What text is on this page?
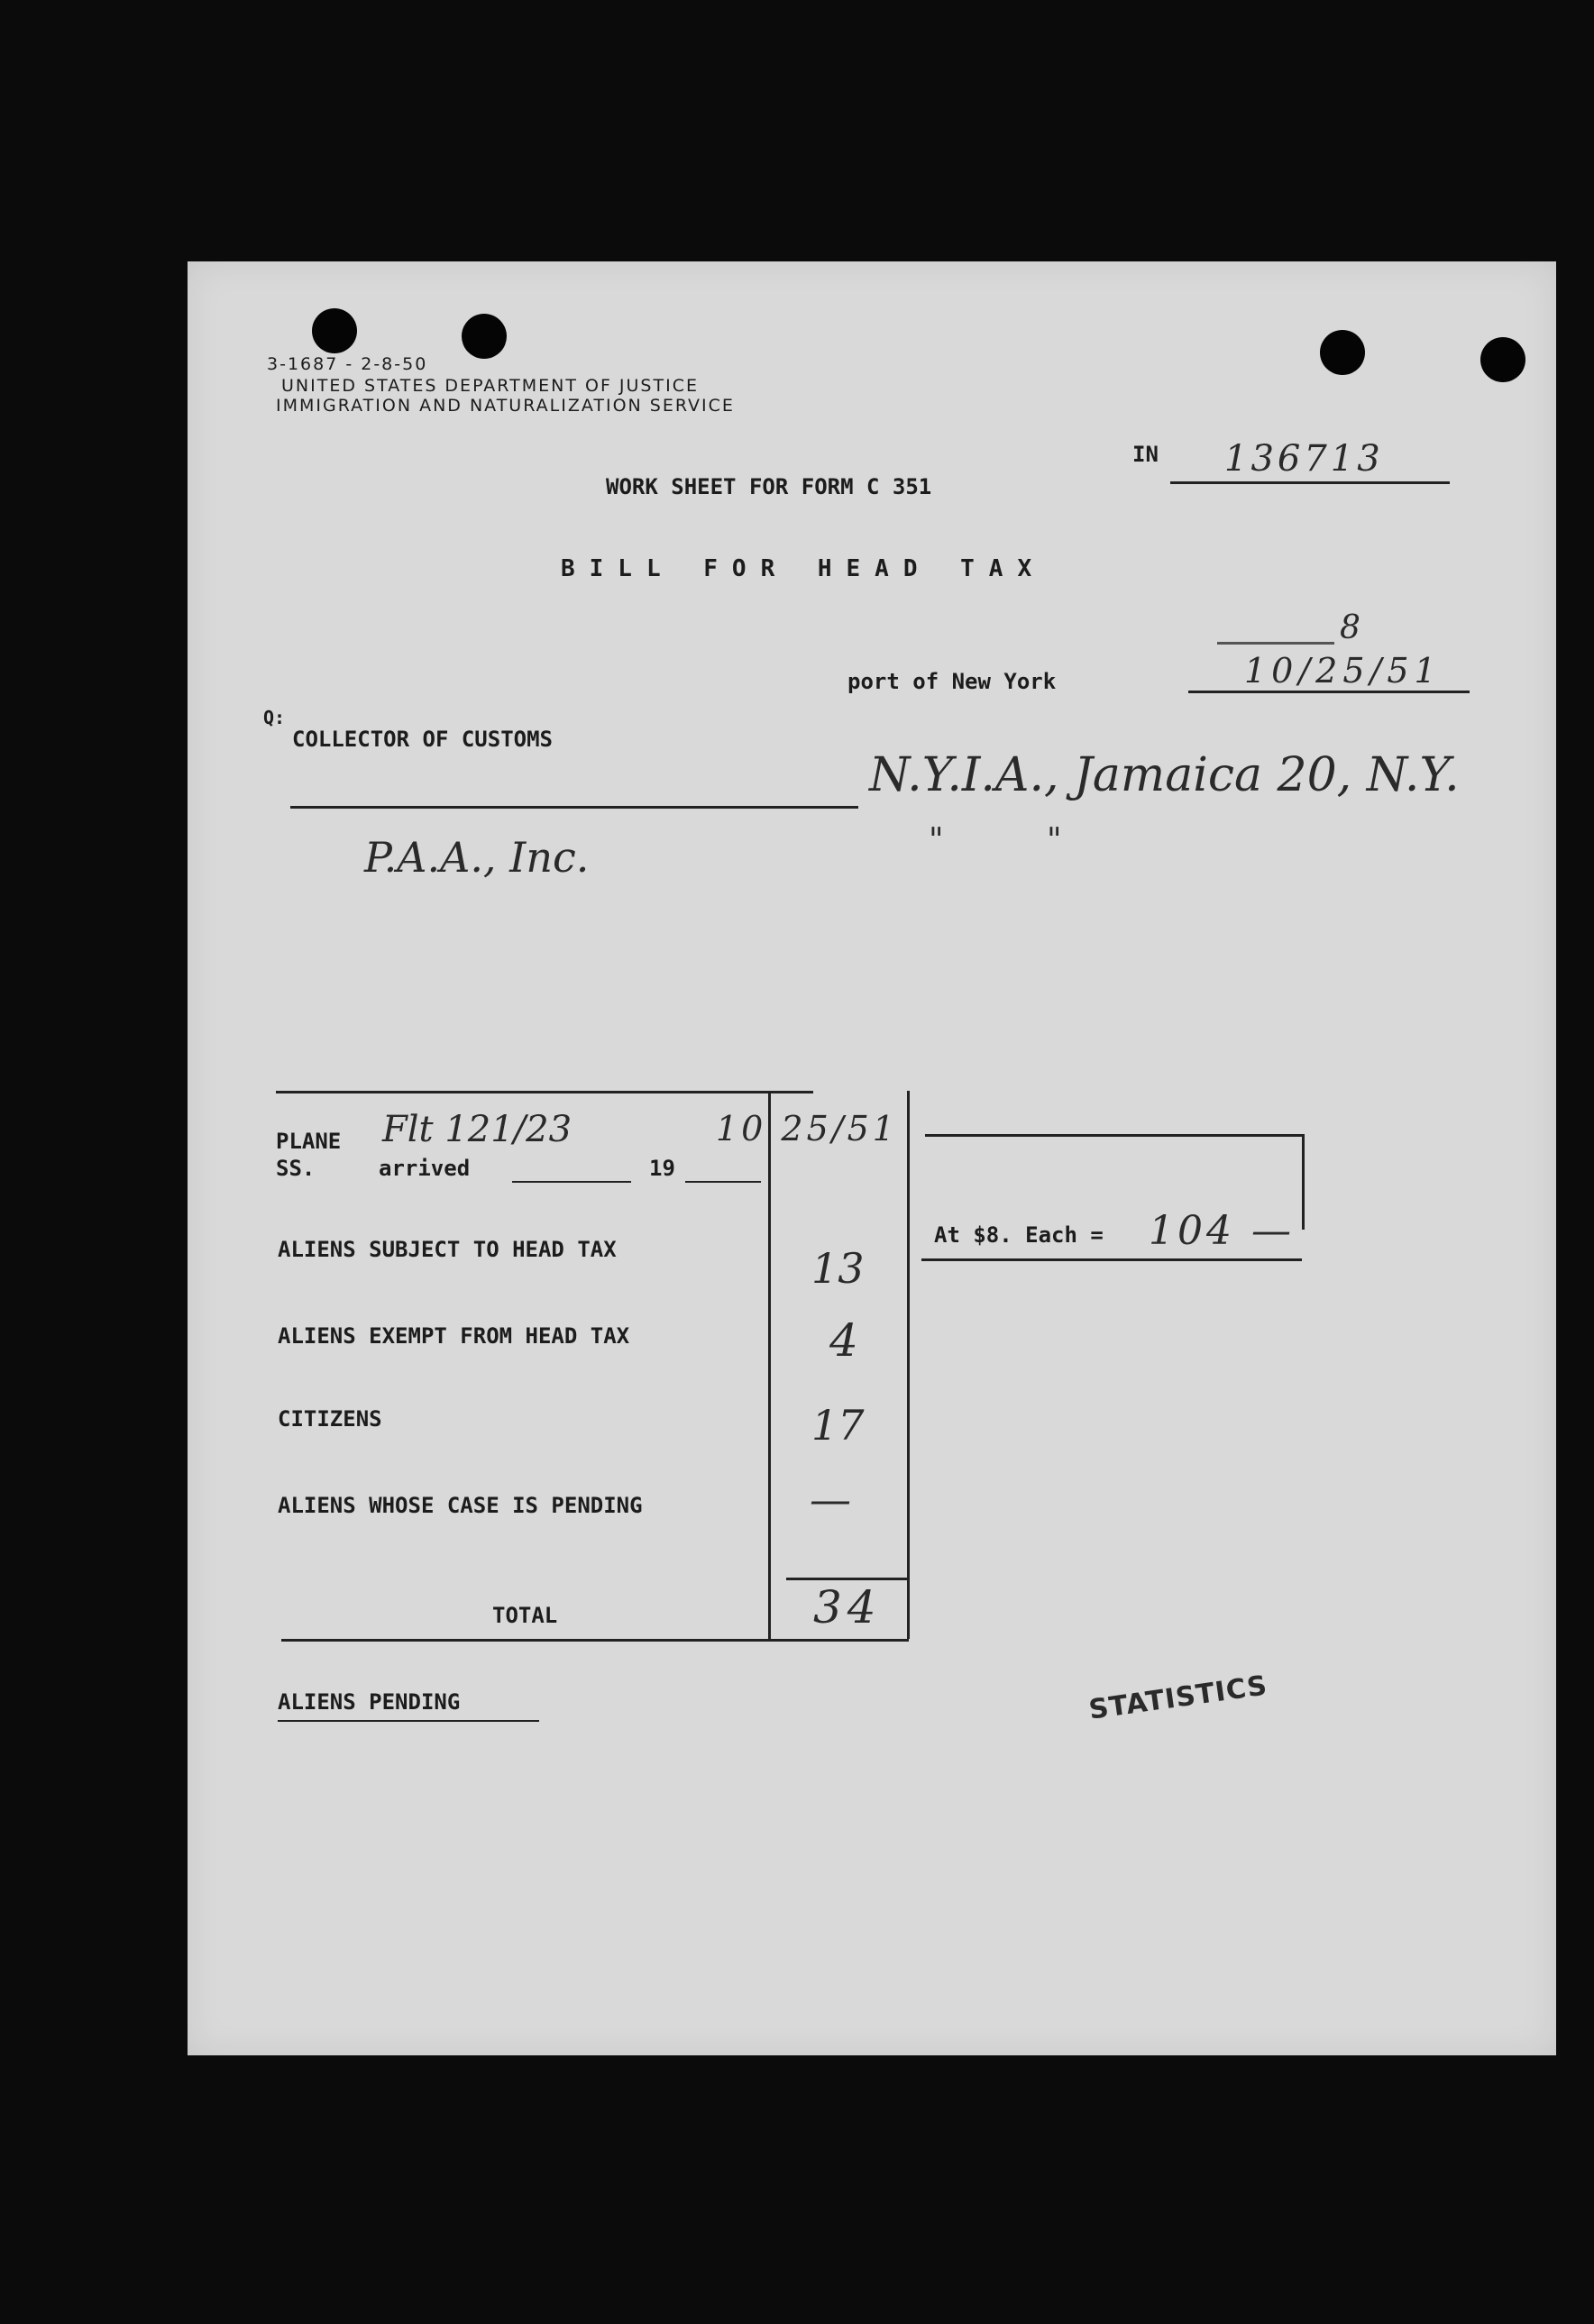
3-1687 - 2-8-50
UNITED STATES DEPARTMENT OF JUSTICE
IMMIGRATION AND NATURALIZATION SERVICE
IN 136713
WORK SHEET FOR FORM C 351
BILL FOR HEAD TAX
port of New York
8
10/25/51
Q:
COLLECTOR OF CUSTOMS
N.Y.I.A., Jamaica 20, N.Y.
"          "
P.A.A., Inc.
PLANE
SS.	arrived	19
Flt 121/23	10 25/51
ALIENS SUBJECT TO HEAD TAX	13
ALIENS EXEMPT FROM HEAD TAX	4
CITIZENS	17
ALIENS WHOSE CASE IS PENDING	—
TOTAL	34
At $8. Each = 104 —
ALIENS PENDING	STATISTICS
